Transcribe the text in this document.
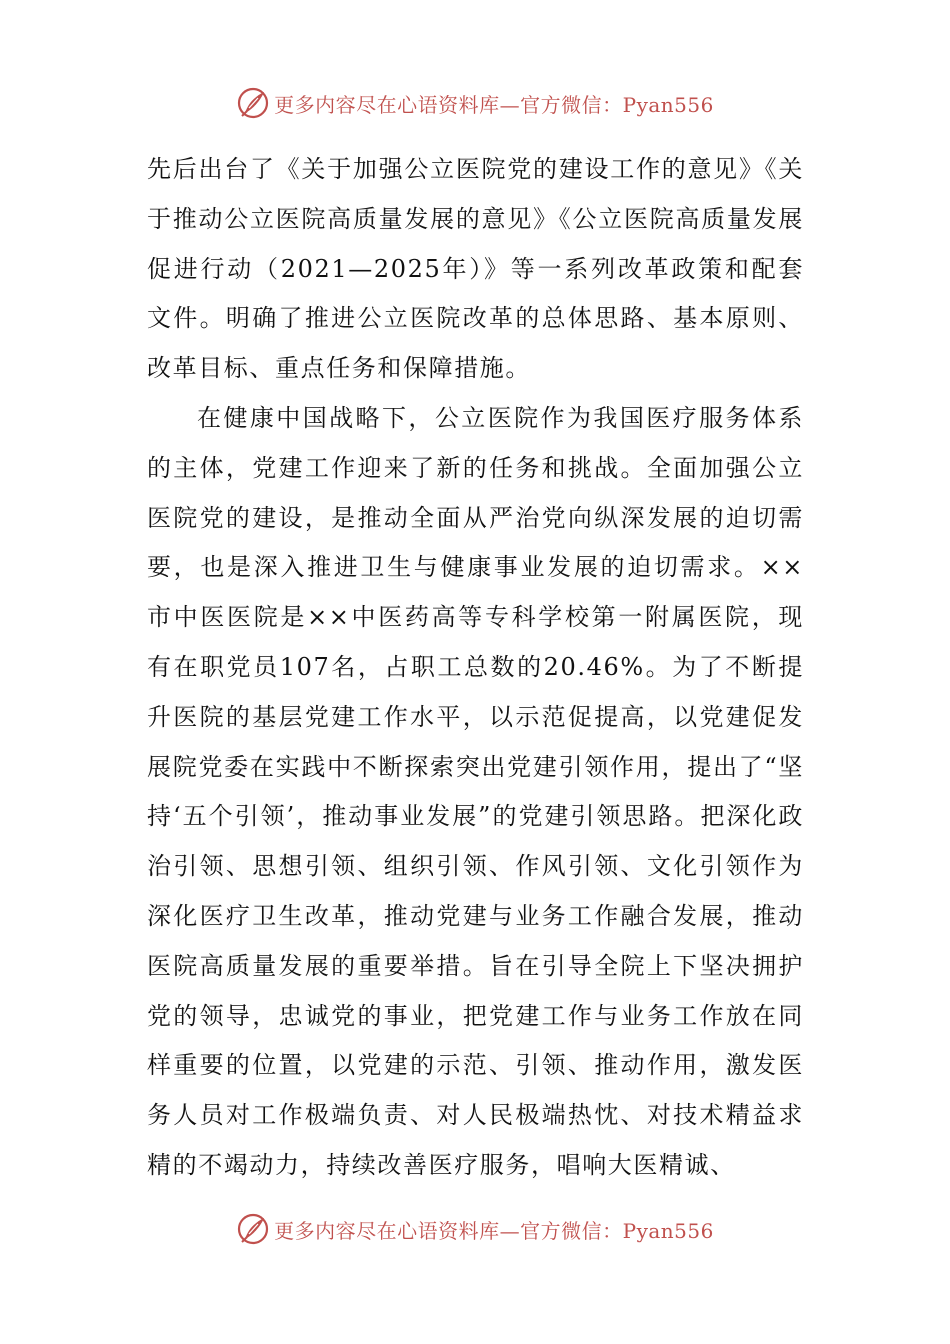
更多内容尽在心语资料库—官方微信：Pyan556

先后出台了《关于加强公立医院党的建设工作的意见》《关于推动公立医院高质量发展的意见》《公立医院高质量发展促进行动（2021—2025年）》等一系列改革政策和配套文件。明确了推进公立医院改革的总体思路、基本原则、改革目标、重点任务和保障措施。

在健康中国战略下，公立医院作为我国医疗服务体系的主体，党建工作迎来了新的任务和挑战。全面加强公立医院党的建设，是推动全面从严治党向纵深发展的迫切需要，也是深入推进卫生与健康事业发展的迫切需求。××市中医医院是××中医药高等专科学校第一附属医院，现有在职党员107名，占职工总数的20.46%。为了不断提升医院的基层党建工作水平，以示范促提高，以党建促发展院党委在实践中不断探索突出党建引领作用，提出了“坚持‘五个引领’，推动事业发展”的党建引领思路。把深化政治引领、思想引领、组织引领、作风引领、文化引领作为深化医疗卫生改革，推动党建与业务工作融合发展，推动医院高质量发展的重要举措。旨在引导全院上下坚决拥护党的领导，忠诚党的事业，把党建工作与业务工作放在同样重要的位置，以党建的示范、引领、推动作用，激发医务人员对工作极端负责、对人民极端热忱、对技术精益求精的不竭动力，持续改善医疗服务，唱响大医精诚、

更多内容尽在心语资料库—官方微信：Pyan556
